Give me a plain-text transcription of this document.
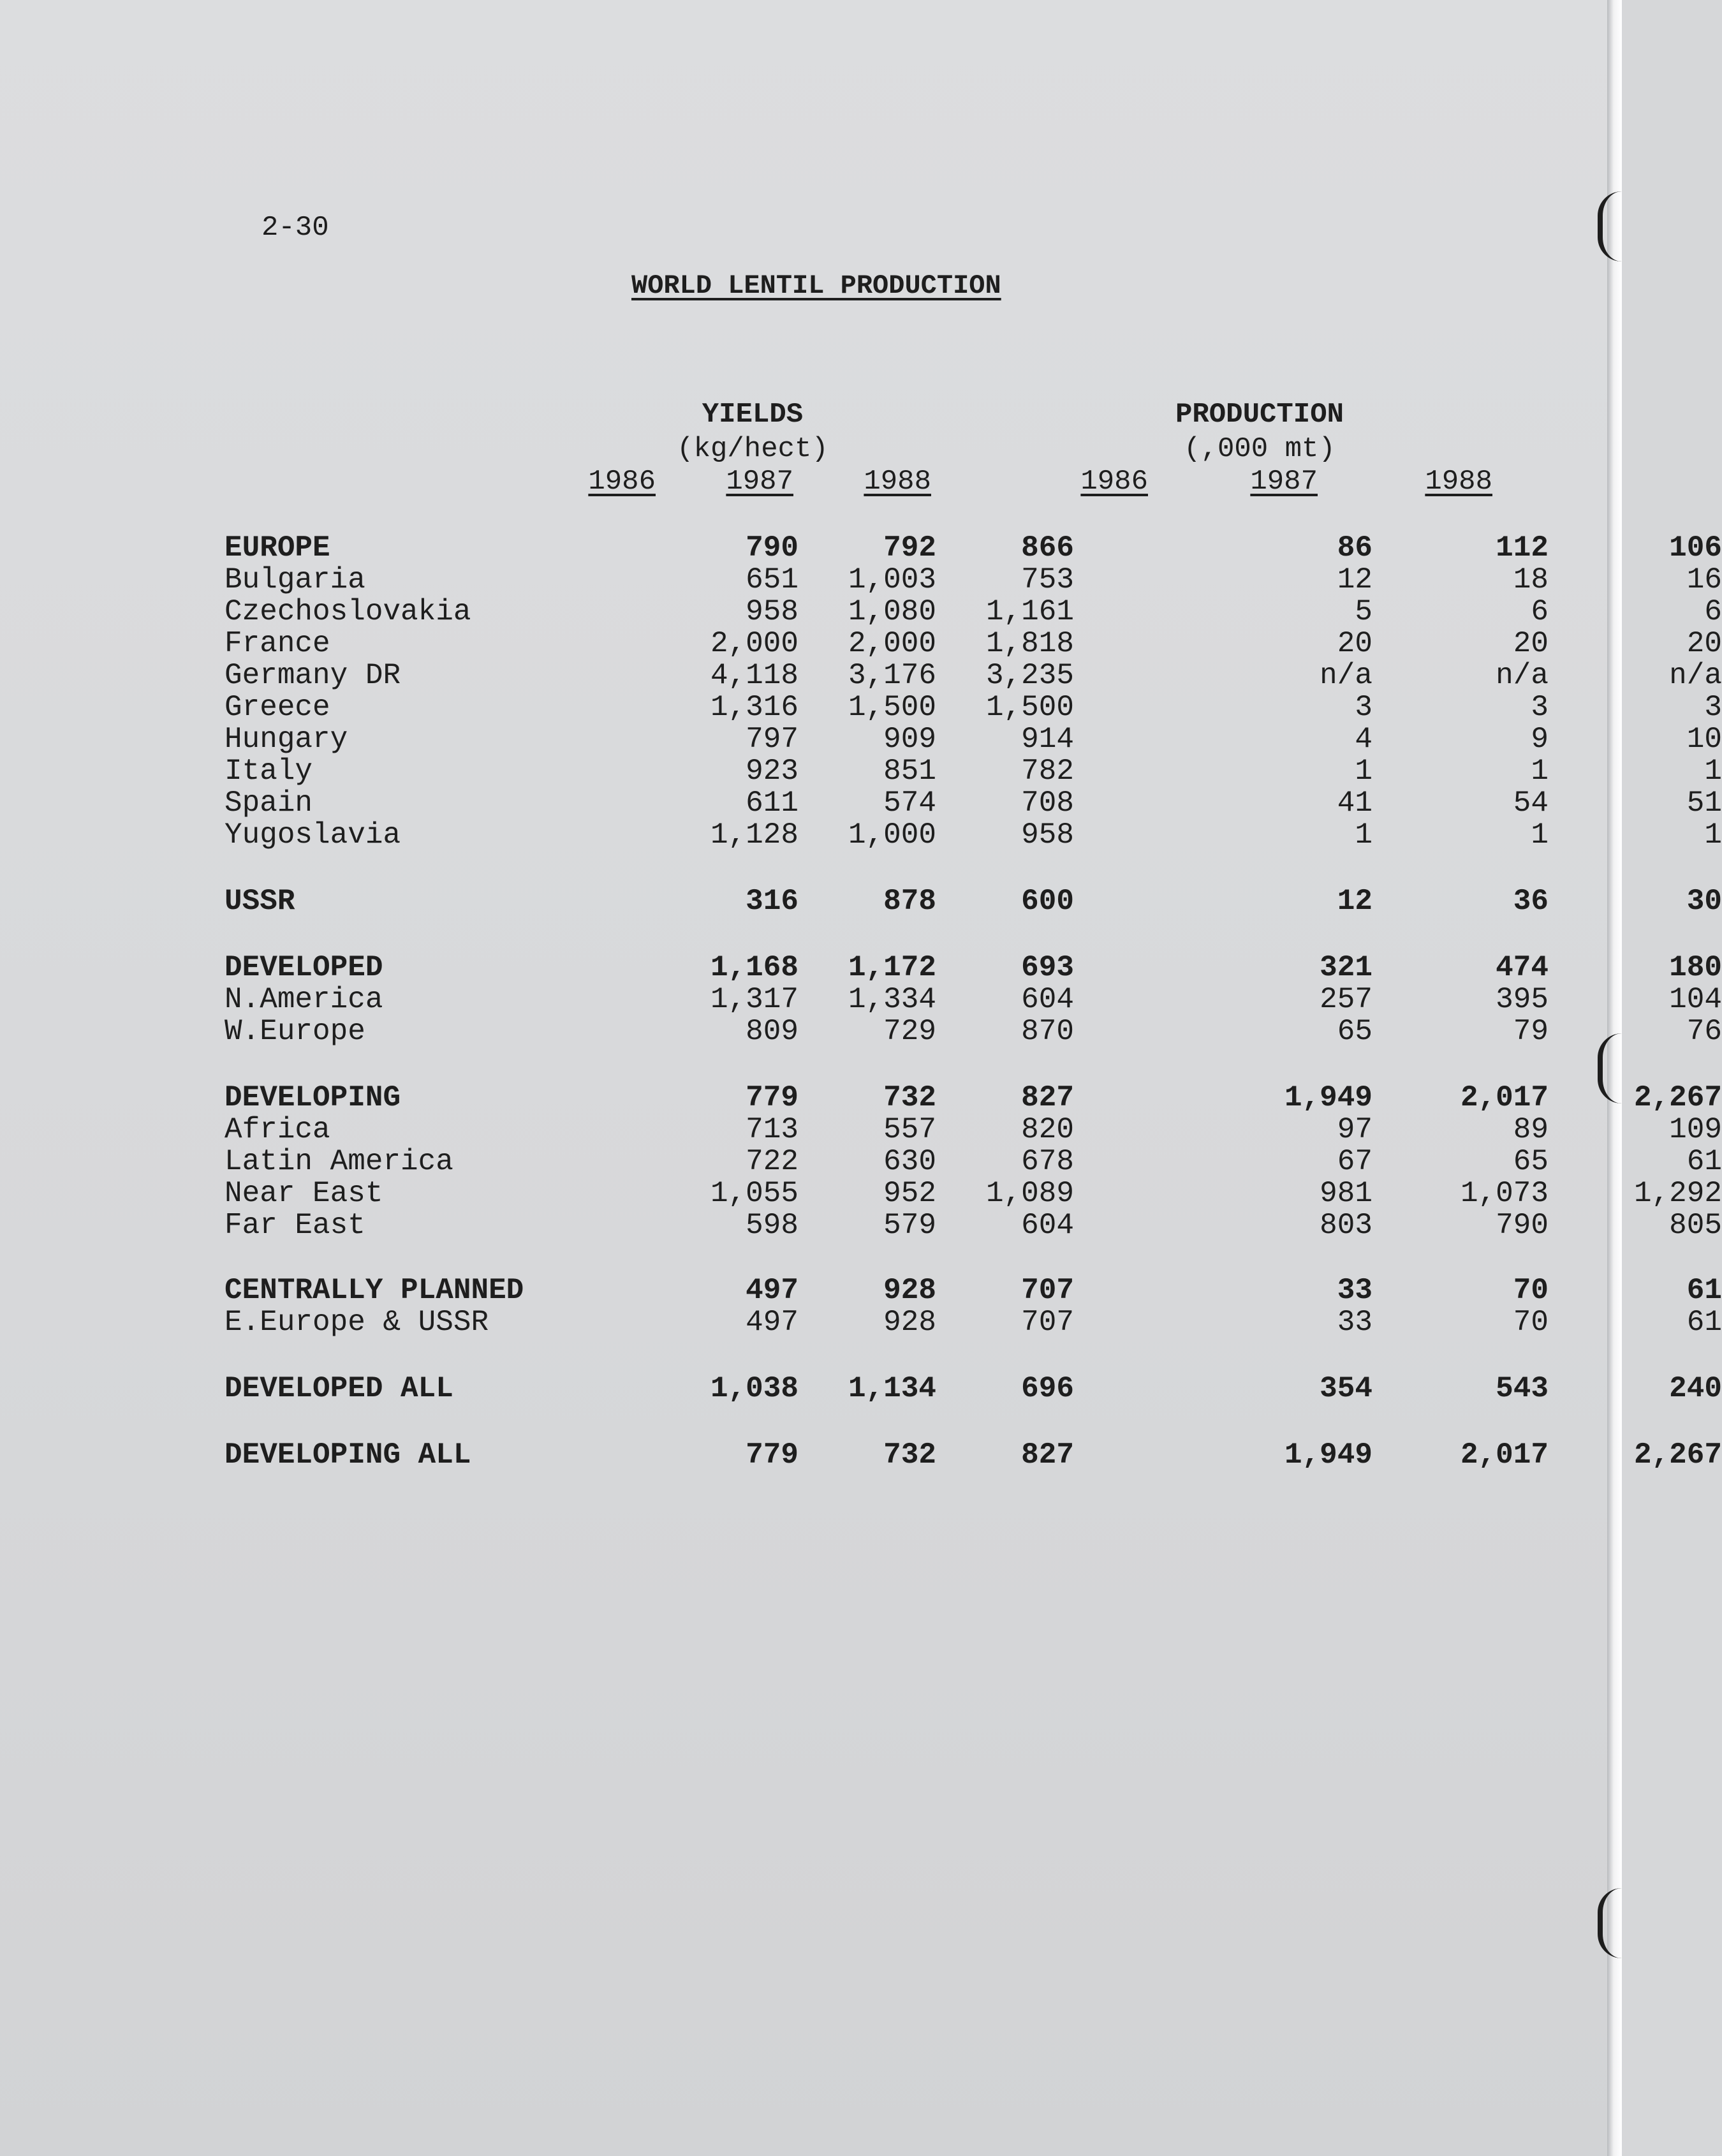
2-30
WORLD LENTIL PRODUCTION
YIELDS
(kg/hect)
PRODUCTION
(,000 mt)
1986	1987	1988	1986	1987	1988
EUROPE	790	792	866	86	112	106
Bulgaria	651	1,003	753	12	18	16
Czechoslovakia	958	1,080	1,161	5	6	6
France	2,000	2,000	1,818	20	20	20
Germany DR	4,118	3,176	3,235	n/a	n/a	n/a
Greece	1,316	1,500	1,500	3	3	3
Hungary	797	909	914	4	9	10
Italy	923	851	782	1	1	1
Spain	611	574	708	41	54	51
Yugoslavia	1,128	1,000	958	1	1	1
USSR	316	878	600	12	36	30
DEVELOPED	1,168	1,172	693	321	474	180
N.America	1,317	1,334	604	257	395	104
W.Europe	809	729	870	65	79	76
DEVELOPING	779	732	827	1,949	2,017	2,267
Africa	713	557	820	97	89	109
Latin America	722	630	678	67	65	61
Near East	1,055	952	1,089	981	1,073	1,292
Far East	598	579	604	803	790	805
CENTRALLY PLANNED	497	928	707	33	70	61
E.Europe & USSR	497	928	707	33	70	61
DEVELOPED ALL	1,038	1,134	696	354	543	240
DEVELOPING ALL	779	732	827	1,949	2,017	2,267
